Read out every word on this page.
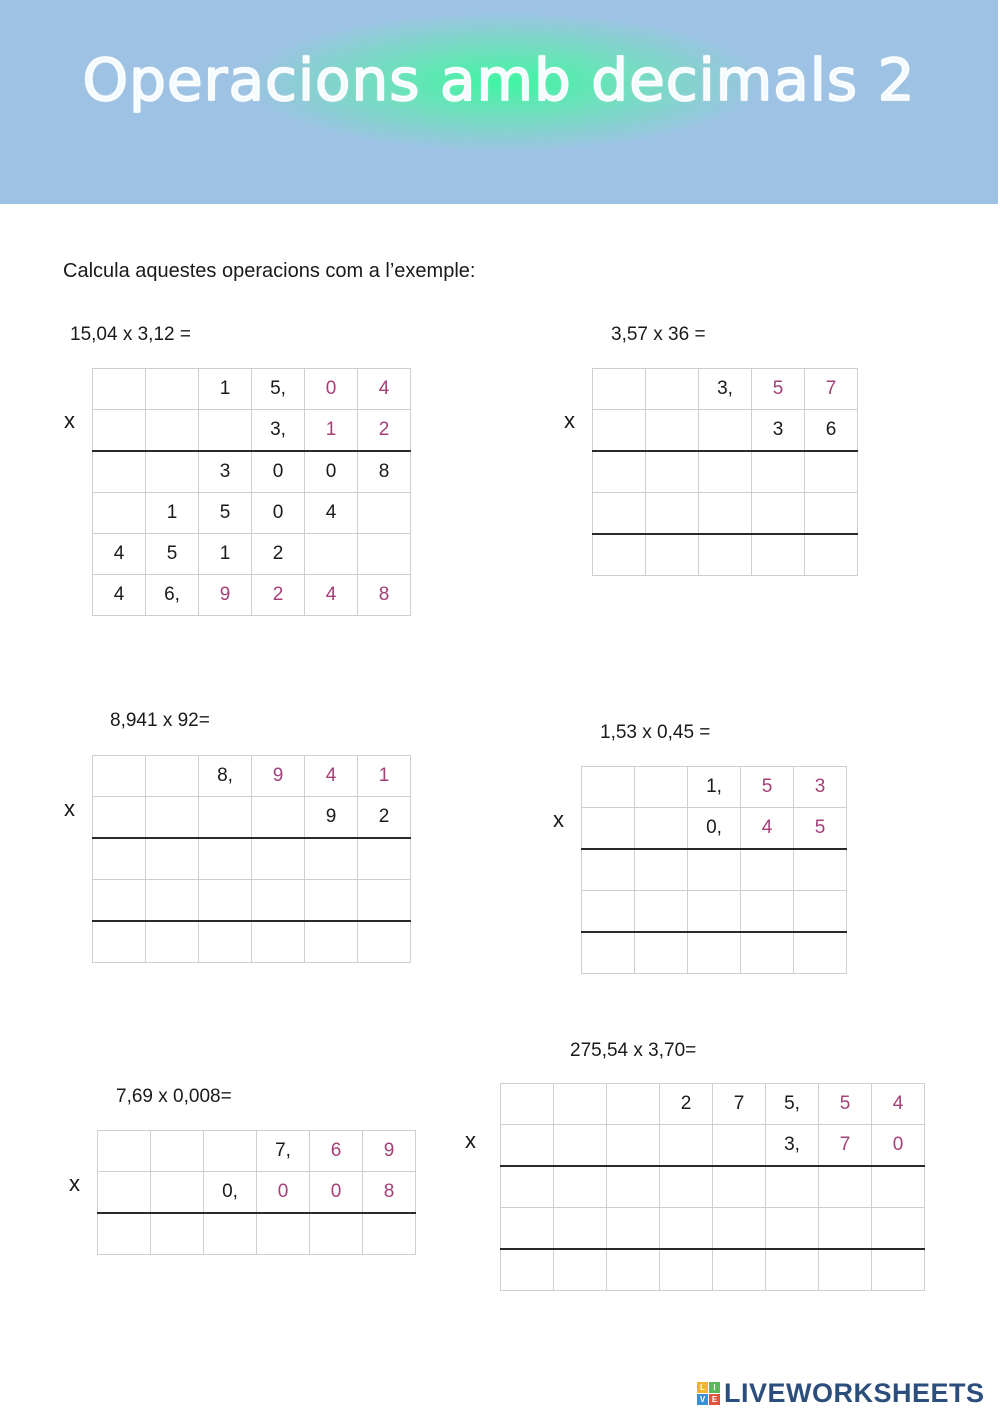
Operacions amb decimals 2
Calcula aquestes operacions com a l’exemple:
15,04 x 3,12 =
x
		1	5,	0	4
			3,	1	2
		3	0	0	8
	1	5	0	4	
4	5	1	2		
4	6,	9	2	4	8
3,57 x 36 =
x
		3,	5	7
			3	6

8,941 x 92=
x
		8,	9	4	1
				9	2

1,53 x 0,45 =
x
		1,	5	3
		0,	4	5

7,69 x 0,008=
x
			7,	6	9
		0,	0	0	8

275,54 x 3,70=
x
			2	7	5,	5	4
					3,	7	0

L	I
V E LIVEWORKSHEETS
